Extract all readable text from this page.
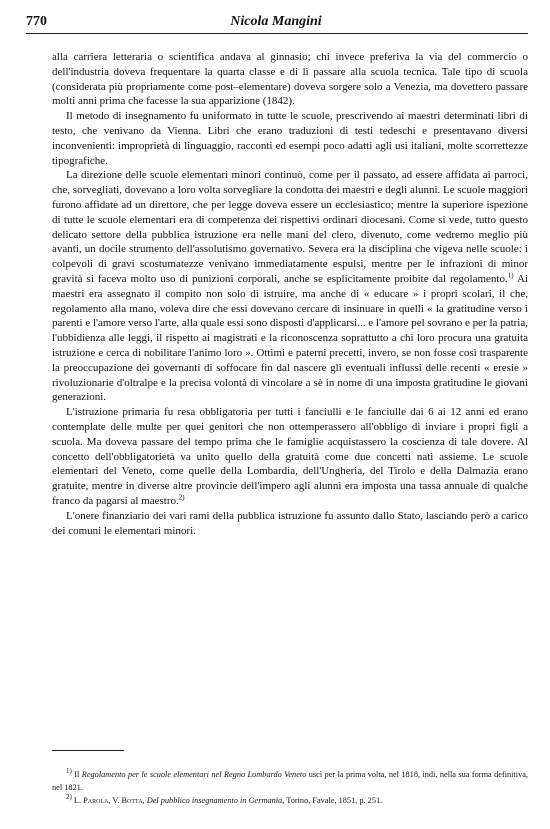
770	Nicola Mangini

alla carriera letteraria o scientifica andava al ginnasio; chi invece preferiva la via del commercio o dell'industria doveva frequentare la quarta classe e di lì passare alla scuola tecnica. Tale tipo di scuola (considerata più propriamente come post–elementare) doveva sorgere solo a Venezia, ma dovettero passare molti anni prima che facesse la sua apparizione (1842).

Il metodo di insegnamento fu uniformato in tutte le scuole, prescrivendo ai maestri determinati libri di testo, che venivano da Vienna. Libri che erano traduzioni di testi tedeschi e presentavano diversi inconvenienti: improprietà di linguaggio, racconti ed esempi poco adatti agli usi italiani, molte scorrettezze tipografiche.

La direzione delle scuole elementari minori continuò, come per il passato, ad essere affidata ai parroci, che, sorvegliati, dovevano a loro volta sorvegliare la condotta dei maestri e degli alunni. Le scuole maggiori furono affidate ad un direttore, che per legge doveva essere un ecclesiastico; mentre la superiore ispezione di tutte le scuole elementari era di competenza dei rispettivi ordinari diocesani. Come si vede, tutto questo delicato settore della pubblica istruzione era nelle mani del clero, divenuto, come vedremo meglio più avanti, un docile strumento dell'assolutismo governativo. Severa era la disciplina che vigeva nelle scuole: i colpevoli di gravi scostumatezze venivano immediatamente espulsi, mentre per le infrazioni di minor gravità si faceva molto uso di punizioni corporali, anche se esplicitamente proibite dal regolamento.$^{1)}$ Ai maestri era assegnato il compito non solo di istruire, ma anche di « educare » i propri scolari, il che, regolamento alla mano, voleva dire che essi dovevano cercare di insinuare in quelli « la gratitudine verso i parenti e l'amore verso l'arte, alla quale essi sono disposti d'applicarsi... e l'amore pel sovrano e per la patria, l'ubbidienza alle leggi, il rispetto ai magistrati e la riconoscenza soprattutto a chi loro procura una gratuita istruzione e cerca di nobilitare l'animo loro ». Ottimi e paterni precetti, invero, se non fosse così trasparente la preoccupazione dei governanti di soffocare fin dal nascere gli eventuali influssi delle recenti « eresie » rivoluzionarie d'oltralpe e la precisa volontà di vincolare a sè in nome di una imposta gratitudine le giovani generazioni.

L'istruzione primaria fu resa obbligatoria per tutti i fanciulli e le fanciulle dai 6 ai 12 anni ed erano contemplate delle multe per quei genitori che non ottemperassero all'obbligo di inviare i propri figli a scuola. Ma doveva passare del tempo prima che le famiglie acquistassero la coscienza di tale dovere. Al concetto dell'obbligatorietà va unito quello della gratuità come due concetti nati assieme. Le scuole elementari del Veneto, come quelle della Lombardia, dell'Ungheria, del Tirolo e della Dalmazia erano gratuite, mentre in diverse altre provincie dell'impero agli alunni era imposta una tassa annuale di qualche franco da pagarsi al maestro.$^{2)}$

L'onere finanziario dei vari rami della pubblica istruzione fu assunto dallo Stato, lasciando però a carico dei comuni le elementari minori.

$^{1)}$ Il Regolamento per le scuole elementari nel Regno Lombardo Veneto uscì per la prima volta, nel 1818, indi, nella sua forma definitiva, nel 1821.

$^{2)}$ L. Parola, V. Botta, Del pubblico insegnamento in Germania, Torino, Favale, 1851, p. 251.
